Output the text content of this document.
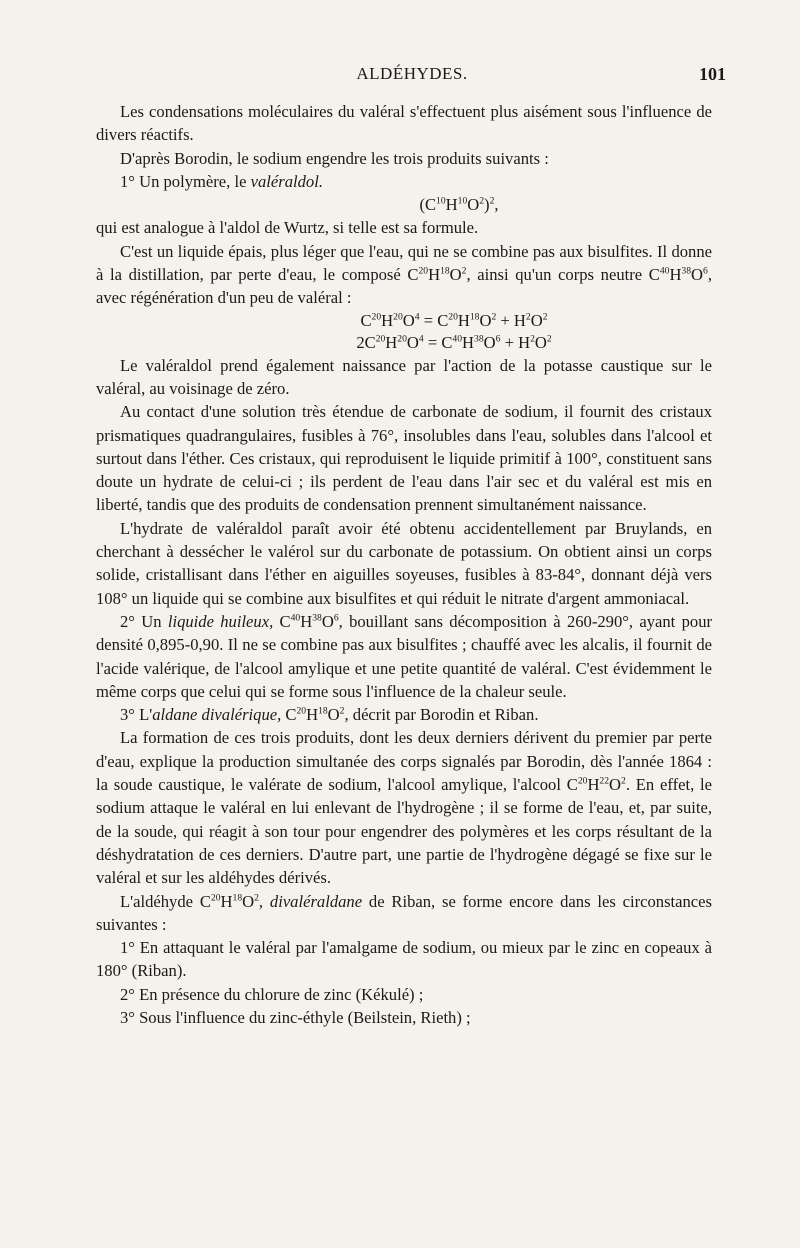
ALDÉHYDES.	101

Les condensations moléculaires du valéral s'effectuent plus aisément sous l'influence de divers réactifs.

D'après Borodin, le sodium engendre les trois produits suivants :

1° Un polymère, le valéraldol.

$(C^{10}H^{10}O^2)^2$,

qui est analogue à l'aldol de Wurtz, si telle est sa formule.

C'est un liquide épais, plus léger que l'eau, qui ne se combine pas aux bisulfites. Il donne à la distillation, par perte d'eau, le composé $C^{20}H^{18}O^2$, ainsi qu'un corps neutre $C^{40}H^{38}O^6$, avec régénération d'un peu de valéral :

$C^{20}H^{20}O^4 = C^{20}H^{18}O^2 + H^2O^2$

$2C^{20}H^{20}O^4 = C^{40}H^{38}O^6 + H^2O^2$

Le valéraldol prend également naissance par l'action de la potasse caustique sur le valéral, au voisinage de zéro.

Au contact d'une solution très étendue de carbonate de sodium, il fournit des cristaux prismatiques quadrangulaires, fusibles à 76°, insolubles dans l'eau, solubles dans l'alcool et surtout dans l'éther. Ces cristaux, qui reproduisent le liquide primitif à 100°, constituent sans doute un hydrate de celui-ci ; ils perdent de l'eau dans l'air sec et du valéral est mis en liberté, tandis que des produits de condensation prennent simultanément naissance.

L'hydrate de valéraldol paraît avoir été obtenu accidentellement par Bruylands, en cherchant à dessécher le valérol sur du carbonate de potassium. On obtient ainsi un corps solide, cristallisant dans l'éther en aiguilles soyeuses, fusibles à 83-84°, donnant déjà vers 108° un liquide qui se combine aux bisulfites et qui réduit le nitrate d'argent ammoniacal.

2° Un liquide huileux, $C^{40}H^{38}O^6$, bouillant sans décomposition à 260-290°, ayant pour densité 0,895-0,90. Il ne se combine pas aux bisulfites ; chauffé avec les alcalis, il fournit de l'acide valérique, de l'alcool amylique et une petite quantité de valéral. C'est évidemment le même corps que celui qui se forme sous l'influence de la chaleur seule.

3° L'aldane divalérique, $C^{20}H^{18}O^2$, décrit par Borodin et Riban.

La formation de ces trois produits, dont les deux derniers dérivent du premier par perte d'eau, explique la production simultanée des corps signalés par Borodin, dès l'année 1864 : la soude caustique, le valérate de sodium, l'alcool amylique, l'alcool $C^{20}H^{22}O^2$. En effet, le sodium attaque le valéral en lui enlevant de l'hydrogène ; il se forme de l'eau, et, par suite, de la soude, qui réagit à son tour pour engendrer des polymères et les corps résultant de la déshydratation de ces derniers. D'autre part, une partie de l'hydrogène dégagé se fixe sur le valéral et sur les aldéhydes dérivés.

L'aldéhyde $C^{20}H^{18}O^2$, divaléraldane de Riban, se forme encore dans les circonstances suivantes :

1° En attaquant le valéral par l'amalgame de sodium, ou mieux par le zinc en copeaux à 180° (Riban).

2° En présence du chlorure de zinc (Kékulé) ;

3° Sous l'influence du zinc-éthyle (Beilstein, Rieth) ;
